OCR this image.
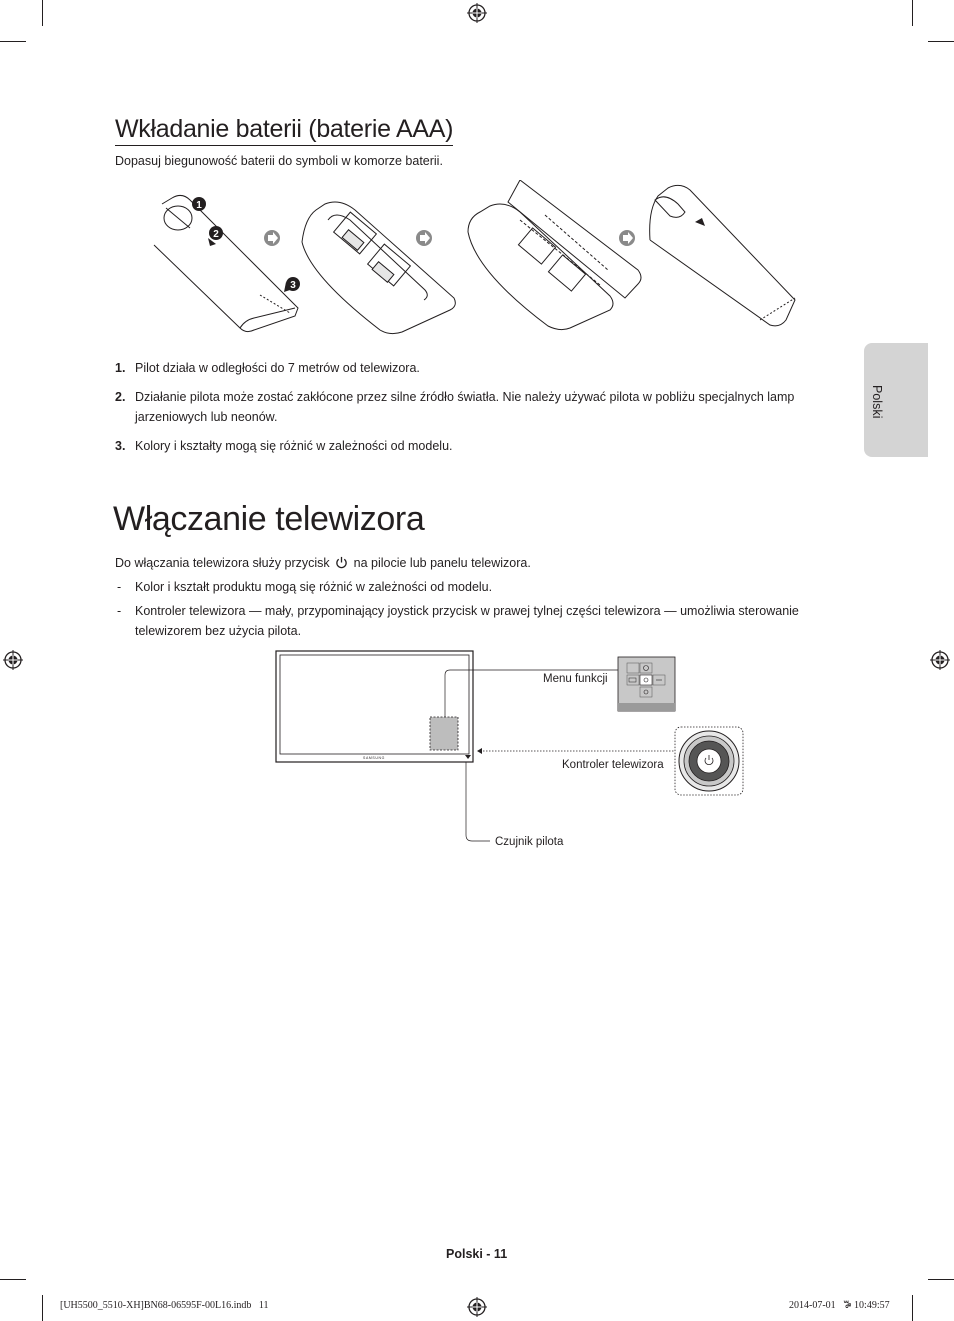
Polski
Wkładanie baterii (baterie AAA)
Dopasuj biegunowość baterii do symboli w komorze baterii.
1
2
3
1. Pilot działa w odległości do 7 metrów od telewizora.
2. Działanie pilota może zostać zakłócone przez silne źródło światła. Nie należy używać pilota w pobliżu specjalnych lamp jarzeniowych lub neonów.
3. Kolory i kształty mogą się różnić w zależności od modelu.
Włączanie telewizora
Do włączania telewizora służy przycisk na pilocie lub panelu telewizora.
- Kolor i kształt produktu mogą się różnić w zależności od modelu.
- Kontroler telewizora — mały, przypominający joystick przycisk w prawej tylnej części telewizora — umożliwia sterowanie telewizorem bez użycia pilota.
SAMSUNG
Menu funkcji
Kontroler telewizora
Czujnik pilota
Polski - 11
[UH5500_5510-XH]BN68-06595F-00L16.indb   11	2014-07-01   ꕅ 10:49:57
